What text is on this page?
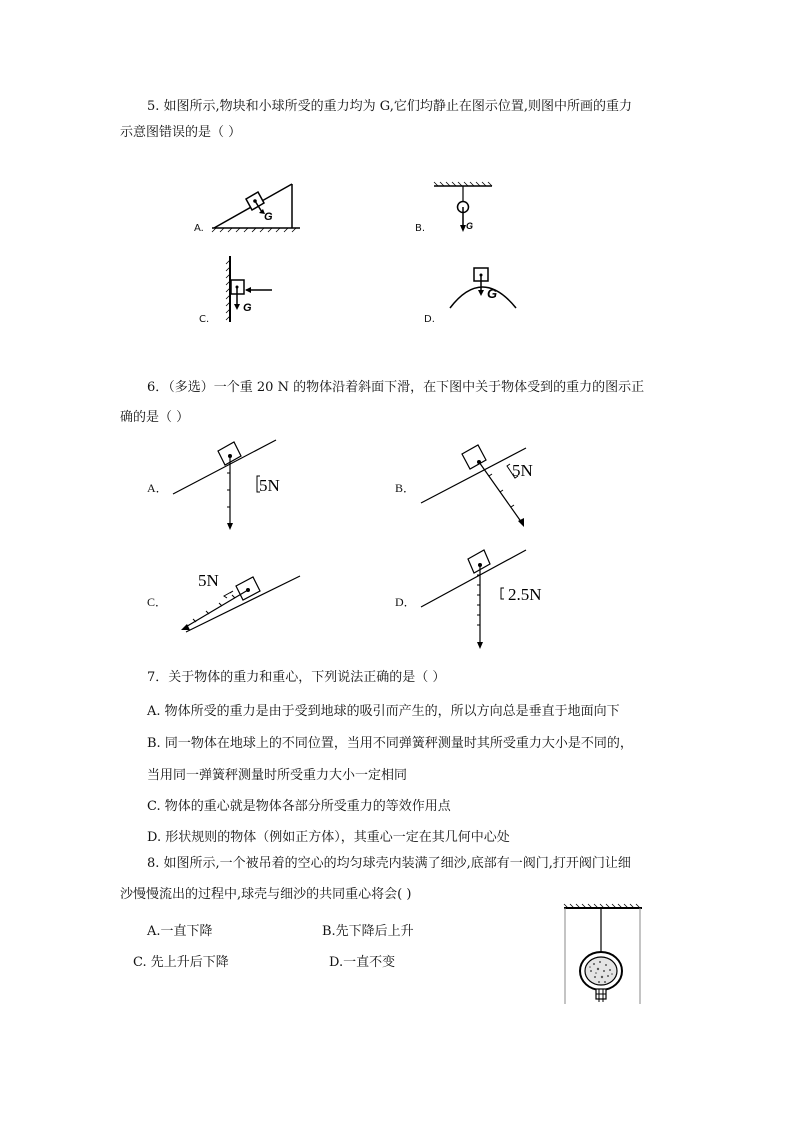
5. 如图所示,物块和小球所受的重力均为 G,它们均静止在图示位置,则图中所画的重力
示意图错误的是（ ）
G
A.	G
B.
G
C.
G
D.
6．（多选）一个重 20 N 的物体沿着斜面下滑，在下图中关于物体受到的重力的图示正
确的是（ ）
5N
A．
5N
B．
5N
C．	2.5N
D．
7．关于物体的重力和重心，下列说法正确的是（ ）
A. 物体所受的重力是由于受到地球的吸引而产生的，所以方向总是垂直于地面向下
B. 同一物体在地球上的不同位置，当用不同弹簧秤测量时其所受重力大小是不同的，
当用同一弹簧秤测量时所受重力大小一定相同
C. 物体的重心就是物体各部分所受重力的等效作用点
D. 形状规则的物体（例如正方体），其重心一定在其几何中心处
8. 如图所示,一个被吊着的空心的均匀球壳内装满了细沙,底部有一阀门,打开阀门让细
沙慢慢流出的过程中,球壳与细沙的共同重心将会( )
A.一直下降	B.先下降后上升
C. 先上升后下降	D.一直不变
